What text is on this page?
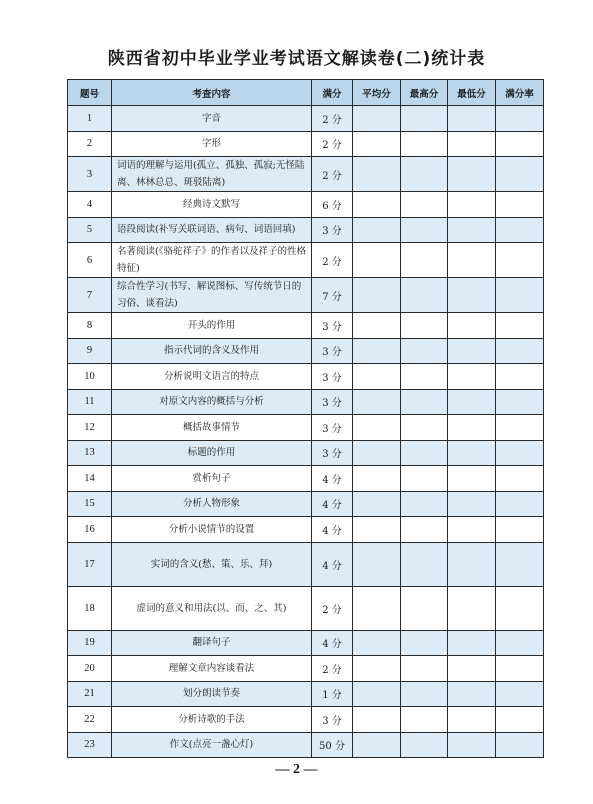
陕西省初中毕业学业考试语文解读卷(二)统计表
题号	考查内容	满分	平均分	最高分	最低分	满分率
1	字音	2 分				
2	字形	2 分				
3	词语的理解与运用(孤立、孤独、孤寂;无怪陆离、林林总总、斑驳陆离)	2 分				
4	经典诗文默写	6 分				
5	语段阅读(补写关联词语、病句、词语回填)	3 分				
6	名著阅读(《骆驼祥子》的作者以及祥子的性格特征)	2 分				
7	综合性学习(书写、解说图标、写传统节日的习俗、谈看法)	7 分				
8	开头的作用	3 分				
9	指示代词的含义及作用	3 分				
10	分析说明文语言的特点	3 分				
11	对原文内容的概括与分析	3 分				
12	概括故事情节	3 分				
13	标题的作用	3 分				
14	赏析句子	4 分				
15	分析人物形象	4 分				
16	分析小说情节的设置	4 分				
17	实词的含义(愁、策、乐、拜)	4 分				
18	虚词的意义和用法(以、而、之、其)	2 分				
19	翻译句子	4 分				
20	理解文章内容谈看法	2 分				
21	划分朗读节奏	1 分				
22	分析诗歌的手法	3 分				
23	作文(点亮一盏心灯)	50 分				
— 2 —
